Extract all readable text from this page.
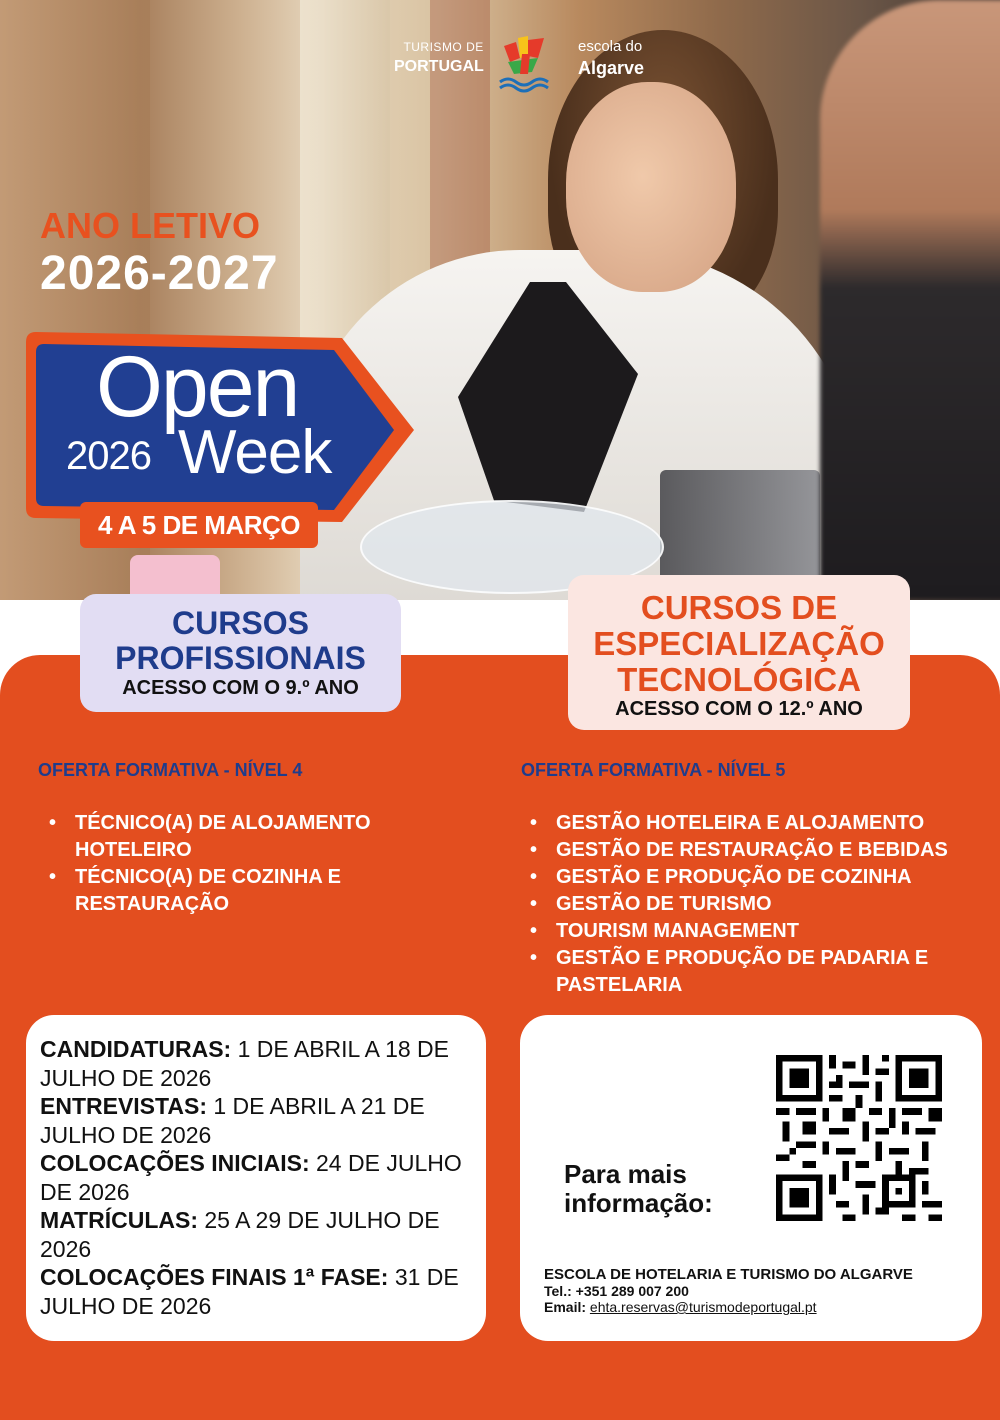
TURISMO DE
PORTUGAL
escola do
Algarve
ANO LETIVO
2026-2027
Open
2026 Week
4 A 5 DE MARÇO
CURSOS
PROFISSIONAIS
ACESSO COM O 9.º ANO
CURSOS DE
ESPECIALIZAÇÃO
TECNOLÓGICA
ACESSO COM O 12.º ANO
OFERTA FORMATIVA - NÍVEL 4	OFERTA FORMATIVA - NÍVEL 5
• TÉCNICO(A) DE ALOJAMENTO HOTELEIRO
• TÉCNICO(A) DE COZINHA E RESTAURAÇÃO
• GESTÃO HOTELEIRA E ALOJAMENTO
• GESTÃO DE RESTAURAÇÃO E BEBIDAS
• GESTÃO E PRODUÇÃO DE COZINHA
• GESTÃO DE TURISMO
• TOURISM MANAGEMENT
• GESTÃO E PRODUÇÃO DE PADARIA E PASTELARIA
CANDIDATURAS: 1 DE ABRIL A 18 DE JULHO DE 2026
ENTREVISTAS: 1 DE ABRIL A 21 DE JULHO DE 2026
COLOCAÇÕES INICIAIS: 24 DE JULHO DE 2026
MATRÍCULAS: 25 A 29 DE JULHO DE 2026
COLOCAÇÕES FINAIS 1ª FASE: 31 DE JULHO DE 2026
Para mais
informação:
ESCOLA DE HOTELARIA E TURISMO DO ALGARVE
Tel.: +351 289 007 200
Email: ehta.reservas@turismodeportugal.pt
